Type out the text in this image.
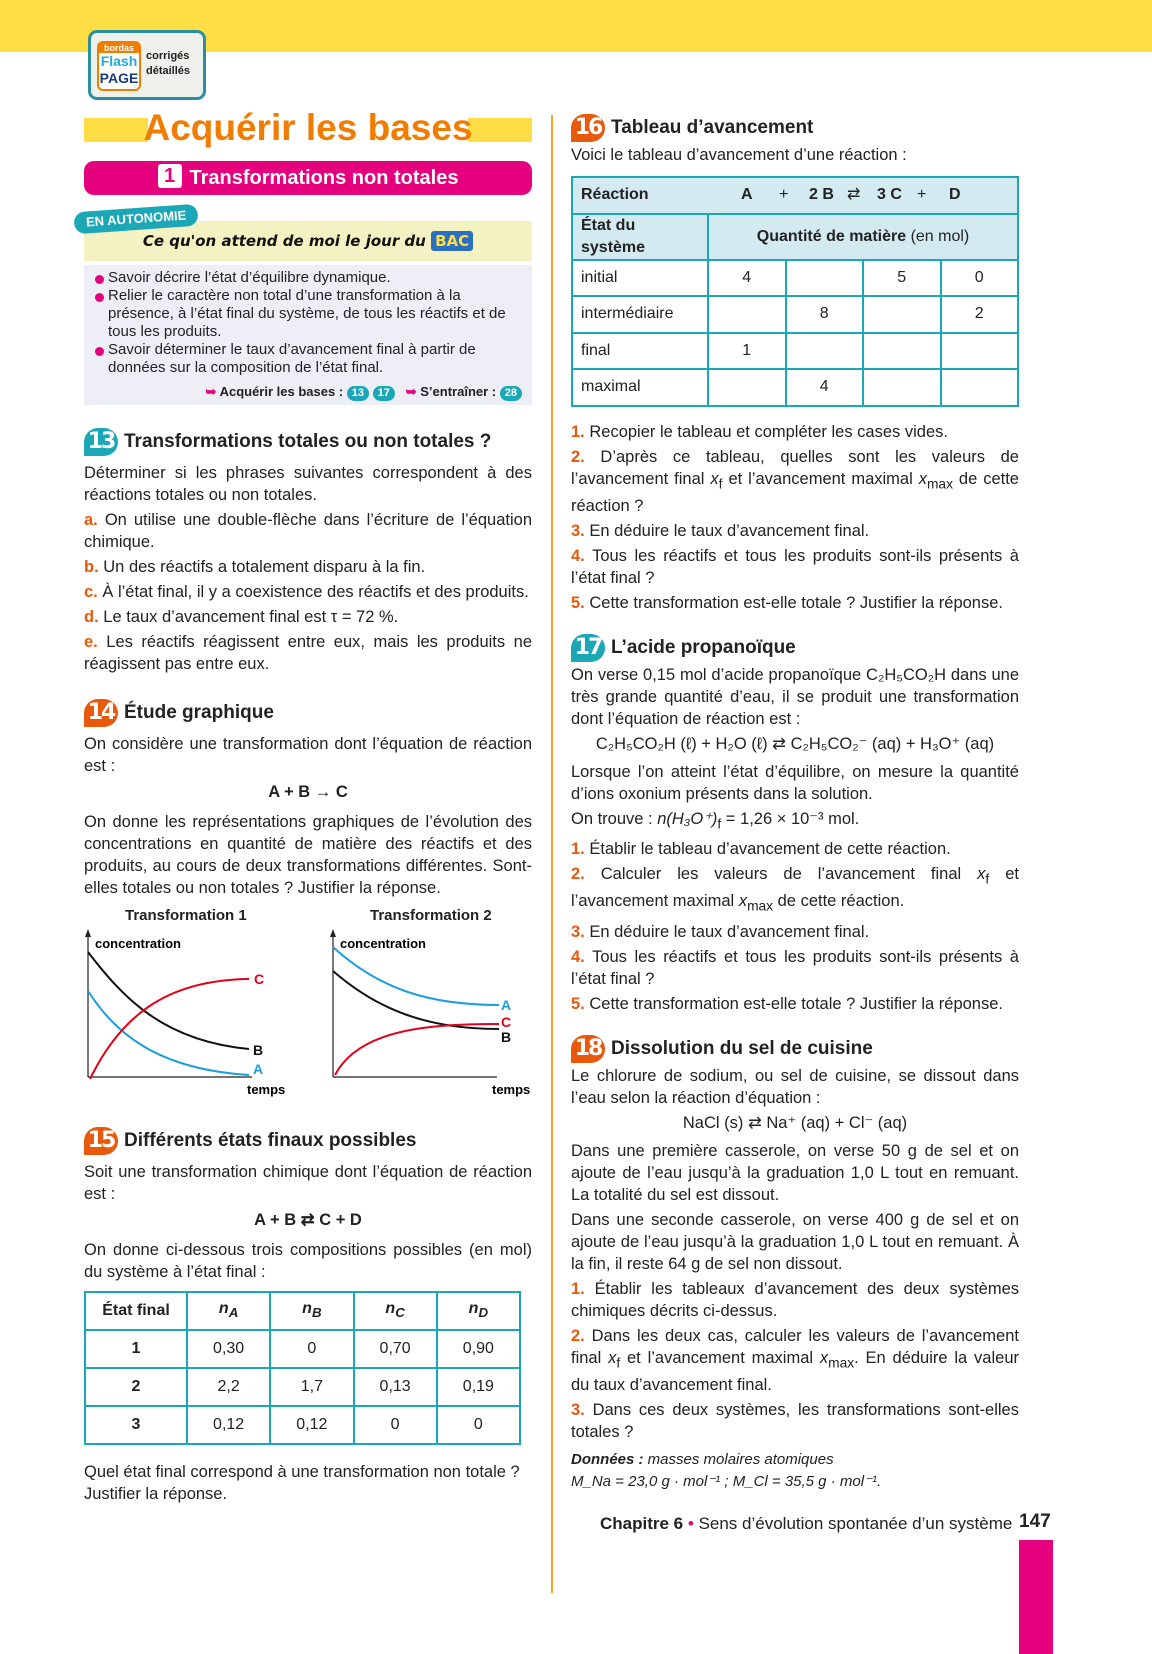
bordas
Flash
PAGE
corrigés
détaillés
Acquérir les bases
1 Transformations non totales
Ce qu'on attend de moi le jour du BAC
EN AUTONOMIE
Savoir décrire l’état d’équilibre dynamique.
Relier le caractère non total d’une transformation à la présence, à l’état final du système, de tous les réactifs et de tous les produits.
Savoir déterminer le taux d’avancement final à partir de données sur la composition de l’état final.
➥ Acquérir les bases : 13 17 ➥ S’entraîner : 28
13 Transformations totales ou non totales ?

Déterminer si les phrases suivantes correspondent à des réactions totales ou non totales.

a. On utilise une double-flèche dans l’écriture de l’équation chimique.

b. Un des réactifs a totalement disparu à la fin.

c. À l’état final, il y a coexistence des réactifs et des produits.

d. Le taux d’avancement final est τ = 72 %.

e. Les réactifs réagissent entre eux, mais les produits ne réagissent pas entre eux.

14 Étude graphique

On considère une transformation dont l’équation de réaction est :

A + B → C

On donne les représentations graphiques de l’évolution des concentrations en quantité de matière des réactifs et des produits, au cours de deux transformations différentes. Sont-elles totales ou non totales ? Justifier la réponse.

Transformation 1	Transformation 2
concentration
temps
C
B
A
concentration
temps
A
C
B
15 Différents états finaux possibles

Soit une transformation chimique dont l’équation de réaction est :

A + B ⇄ C + D

On donne ci-dessous trois compositions possibles (en mol) du système à l’état final :

État final	$n_A$	$n_B$	$n_C$	$n_D$
1	0,30	0	0,70	0,90
2	2,2	1,7	0,13	0,19
3	0,12	0,12	0	0

Quel état final correspond à une transformation non totale ? Justifier la réponse.

16 Tableau d’avancement

Voici le tableau d’avancement d’une réaction :

Réaction A + 2 B ⇄ 3 C + D				
État du système	Quantité de matière (en mol)			
initial	4		5	0
intermédiaire		8		2
final	1			
maximal		4		

1. Recopier le tableau et compléter les cases vides.

2. D’après ce tableau, quelles sont les valeurs de l’avancement final $x_f$ et l’avancement maximal $x_{max}$ de cette réaction ?

3. En déduire le taux d’avancement final.

4. Tous les réactifs et tous les produits sont-ils présents à l’état final ?

5. Cette transformation est-elle totale ? Justifier la réponse.

17 L’acide propanoïque

On verse 0,15 mol d’acide propanoïque C₂H₅CO₂H dans une très grande quantité d’eau, il se produit une transformation dont l’équation de réaction est :

C₂H₅CO₂H (ℓ) + H₂O (ℓ) ⇄ C₂H₅CO₂⁻ (aq) + H₃O⁺ (aq)

Lorsque l’on atteint l’état d’équilibre, on mesure la quantité d’ions oxonium présents dans la solution.

On trouve : $n(H_3O^+)_f = 1,26 \times 10^{-3}$ mol.

1. Établir le tableau d’avancement de cette réaction.

2. Calculer les valeurs de l’avancement final $x_f$ et l’avancement maximal $x_{max}$ de cette réaction.

3. En déduire le taux d’avancement final.

4. Tous les réactifs et tous les produits sont-ils présents à l’état final ?

5. Cette transformation est-elle totale ? Justifier la réponse.

18 Dissolution du sel de cuisine

Le chlorure de sodium, ou sel de cuisine, se dissout dans l’eau selon la réaction d’équation :

NaCl (s) ⇄ Na⁺ (aq) + Cl⁻ (aq)

Dans une première casserole, on verse 50 g de sel et on ajoute de l’eau jusqu’à la graduation 1,0 L tout en remuant. La totalité du sel est dissout.

Dans une seconde casserole, on verse 400 g de sel et on ajoute de l’eau jusqu’à la graduation 1,0 L tout en remuant. À la fin, il reste 64 g de sel non dissout.

1. Établir les tableaux d’avancement des deux systèmes chimiques décrits ci-dessus.

2. Dans les deux cas, calculer les valeurs de l’avancement final $x_f$ et l’avancement maximal $x_{max}$. En déduire la valeur du taux d’avancement final.

3. Dans ces deux systèmes, les transformations sont-elles totales ?

Données : masses molaires atomiques
M_Na = 23,0 g · mol⁻¹ ; M_Cl = 35,5 g · mol⁻¹.

Chapitre 6 • Sens d’évolution spontanée d’un système 147
